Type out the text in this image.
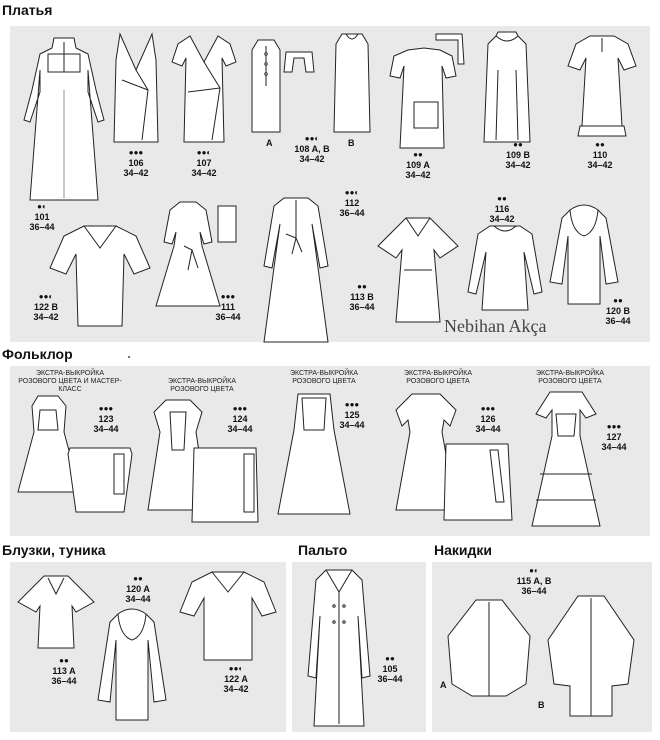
Платья
Фольклор
Блузки, туника	Пальто	Накидки
A	B
Nebihan Akça
●●●
106
34–42
●●◐
107
34–42
●●◐
108 A, B
34–42	●●
109 A
34–42
●●
109 B
34–42
●●
110
34–42
●◐
101
36–44
●●◐
112
36–44
●●
116
34–42
●●◐
122 B
34–42
●●●
111
36–44
●●
113 B
36–44
●●
120 B
36–44
ЭКСТРА-ВЫКРОЙКА РОЗОВОГО ЦВЕТА И МАСТЕР-КЛАСС
ЭКСТРА-ВЫКРОЙКА РОЗОВОГО ЦВЕТА
ЭКСТРА-ВЫКРОЙКА РОЗОВОГО ЦВЕТА
ЭКСТРА-ВЫКРОЙКА РОЗОВОГО ЦВЕТА
ЭКСТРА-ВЫКРОЙКА РОЗОВОГО ЦВЕТА
●●●
123
34–44
●●●
124
34–44
●●●
125
34–44
●●●
126
34–44	●●●
127
34–44
●●
113 A
36–44
●●
120 A
34–44
●●◐
122 A
34–42
●●
105
36–44
B
A
●◐
115 A, B
36–44
